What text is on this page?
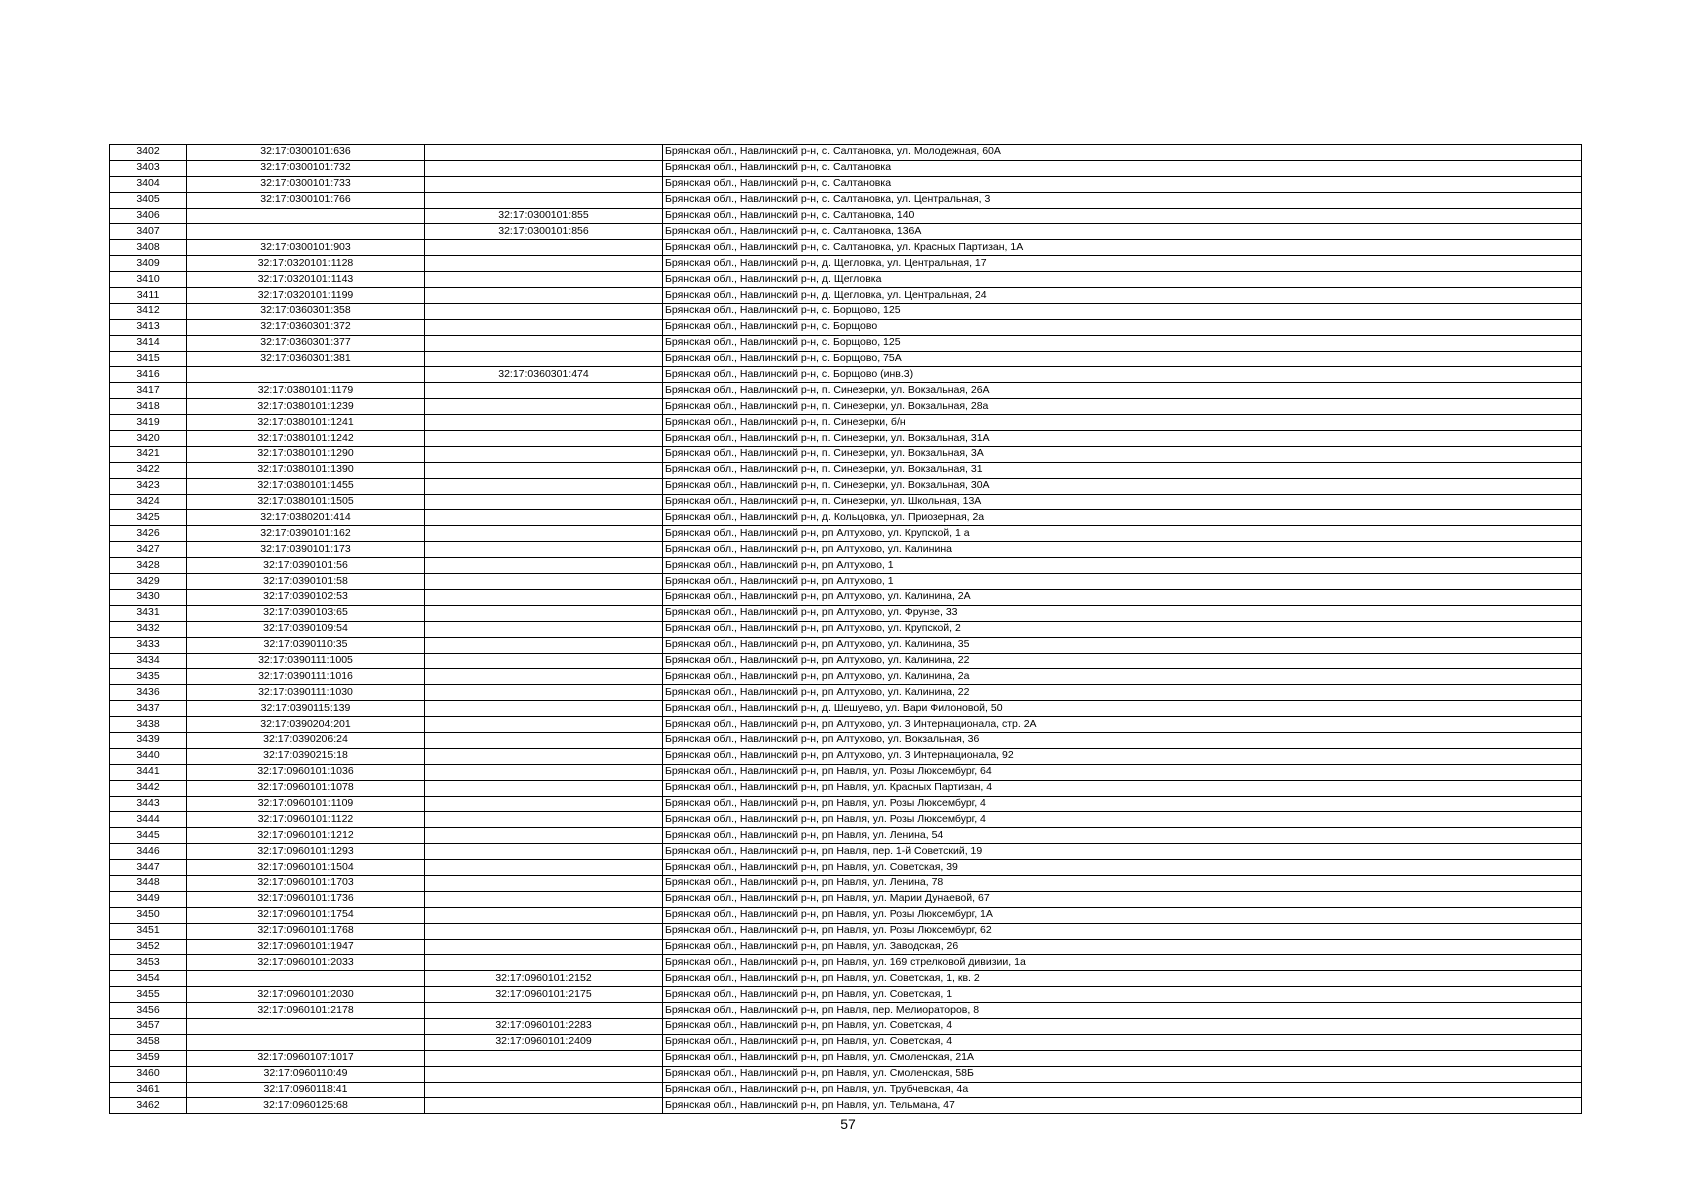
3402	32:17:0300101:636		Брянская обл., Навлинский р-н, с. Салтановка, ул. Молодежная, 60А
3403	32:17:0300101:732		Брянская обл., Навлинский р-н, с. Салтановка
3404	32:17:0300101:733		Брянская обл., Навлинский р-н, с. Салтановка
3405	32:17:0300101:766		Брянская обл., Навлинский р-н, с. Салтановка, ул. Центральная, 3
3406		32:17:0300101:855	Брянская обл., Навлинский р-н, с. Салтановка, 140
3407		32:17:0300101:856	Брянская обл., Навлинский р-н, с. Салтановка, 136А
3408	32:17:0300101:903		Брянская обл., Навлинский р-н, с. Салтановка, ул. Красных Партизан, 1А
3409	32:17:0320101:1128		Брянская обл., Навлинский р-н, д. Щегловка, ул. Центральная, 17
3410	32:17:0320101:1143		Брянская обл., Навлинский р-н, д. Щегловка
3411	32:17:0320101:1199		Брянская обл., Навлинский р-н, д. Щегловка, ул. Центральная, 24
3412	32:17:0360301:358		Брянская обл., Навлинский р-н, с. Борщово, 125
3413	32:17:0360301:372		Брянская обл., Навлинский р-н, с. Борщово
3414	32:17:0360301:377		Брянская обл., Навлинский р-н, с. Борщово, 125
3415	32:17:0360301:381		Брянская обл., Навлинский р-н, с. Борщово, 75А
3416		32:17:0360301:474	Брянская обл., Навлинский р-н, с. Борщово (инв.3)
3417	32:17:0380101:1179		Брянская обл., Навлинский р-н, п. Синезерки, ул. Вокзальная, 26А
3418	32:17:0380101:1239		Брянская обл., Навлинский р-н, п. Синезерки, ул. Вокзальная, 28а
3419	32:17:0380101:1241		Брянская обл., Навлинский р-н, п. Синезерки, б/н
3420	32:17:0380101:1242		Брянская обл., Навлинский р-н, п. Синезерки, ул. Вокзальная, 31А
3421	32:17:0380101:1290		Брянская обл., Навлинский р-н, п. Синезерки, ул. Вокзальная, 3А
3422	32:17:0380101:1390		Брянская обл., Навлинский р-н, п. Синезерки, ул. Вокзальная, 31
3423	32:17:0380101:1455		Брянская обл., Навлинский р-н, п. Синезерки, ул. Вокзальная, 30А
3424	32:17:0380101:1505		Брянская обл., Навлинский р-н, п. Синезерки, ул. Школьная, 13А
3425	32:17:0380201:414		Брянская обл., Навлинский р-н, д. Кольцовка, ул. Приозерная, 2а
3426	32:17:0390101:162		Брянская обл., Навлинский р-н, рп Алтухово, ул. Крупской, 1 а
3427	32:17:0390101:173		Брянская обл., Навлинский р-н, рп Алтухово, ул. Калинина
3428	32:17:0390101:56		Брянская обл., Навлинский р-н, рп Алтухово, 1
3429	32:17:0390101:58		Брянская обл., Навлинский р-н, рп Алтухово, 1
3430	32:17:0390102:53		Брянская обл., Навлинский р-н, рп Алтухово, ул. Калинина, 2А
3431	32:17:0390103:65		Брянская обл., Навлинский р-н, рп Алтухово, ул. Фрунзе, 33
3432	32:17:0390109:54		Брянская обл., Навлинский р-н, рп Алтухово, ул. Крупской, 2
3433	32:17:0390110:35		Брянская обл., Навлинский р-н, рп Алтухово, ул. Калинина, 35
3434	32:17:0390111:1005		Брянская обл., Навлинский р-н, рп Алтухово, ул. Калинина, 22
3435	32:17:0390111:1016		Брянская обл., Навлинский р-н, рп Алтухово, ул. Калинина, 2а
3436	32:17:0390111:1030		Брянская обл., Навлинский р-н, рп Алтухово, ул. Калинина, 22
3437	32:17:0390115:139		Брянская обл., Навлинский р-н, д. Шешуево, ул. Вари Филоновой, 50
3438	32:17:0390204:201		Брянская обл., Навлинский р-н, рп Алтухово, ул. 3 Интернационала, стр. 2А
3439	32:17:0390206:24		Брянская обл., Навлинский р-н, рп Алтухово, ул. Вокзальная, 36
3440	32:17:0390215:18		Брянская обл., Навлинский р-н, рп Алтухово, ул. 3 Интернационала, 92
3441	32:17:0960101:1036		Брянская обл., Навлинский р-н, рп Навля, ул. Розы Люксембург, 64
3442	32:17:0960101:1078		Брянская обл., Навлинский р-н, рп Навля, ул. Красных Партизан, 4
3443	32:17:0960101:1109		Брянская обл., Навлинский р-н, рп Навля, ул. Розы Люксембург, 4
3444	32:17:0960101:1122		Брянская обл., Навлинский р-н, рп Навля, ул. Розы Люксембург, 4
3445	32:17:0960101:1212		Брянская обл., Навлинский р-н, рп Навля, ул. Ленина, 54
3446	32:17:0960101:1293		Брянская обл., Навлинский р-н, рп Навля, пер. 1-й Советский, 19
3447	32:17:0960101:1504		Брянская обл., Навлинский р-н, рп Навля, ул. Советская, 39
3448	32:17:0960101:1703		Брянская обл., Навлинский р-н, рп Навля, ул. Ленина, 78
3449	32:17:0960101:1736		Брянская обл., Навлинский р-н, рп Навля, ул. Марии Дунаевой, 67
3450	32:17:0960101:1754		Брянская обл., Навлинский р-н, рп Навля, ул. Розы Люксембург, 1А
3451	32:17:0960101:1768		Брянская обл., Навлинский р-н, рп Навля, ул. Розы Люксембург, 62
3452	32:17:0960101:1947		Брянская обл., Навлинский р-н, рп Навля, ул. Заводская, 26
3453	32:17:0960101:2033		Брянская обл., Навлинский р-н, рп Навля, ул. 169 стрелковой дивизии, 1а
3454		32:17:0960101:2152	Брянская обл., Навлинский р-н, рп Навля, ул. Советская, 1, кв. 2
3455	32:17:0960101:2030	32:17:0960101:2175	Брянская обл., Навлинский р-н, рп Навля, ул. Советская, 1
3456	32:17:0960101:2178		Брянская обл., Навлинский р-н, рп Навля, пер. Мелиораторов, 8
3457		32:17:0960101:2283	Брянская обл., Навлинский р-н, рп Навля, ул. Советская, 4
3458		32:17:0960101:2409	Брянская обл., Навлинский р-н, рп Навля, ул. Советская, 4
3459	32:17:0960107:1017		Брянская обл., Навлинский р-н, рп Навля, ул. Смоленская, 21А
3460	32:17:0960110:49		Брянская обл., Навлинский р-н, рп Навля, ул. Смоленская, 58Б
3461	32:17:0960118:41		Брянская обл., Навлинский р-н, рп Навля, ул. Трубчевская, 4а
3462	32:17:0960125:68		Брянская обл., Навлинский р-н, рп Навля, ул. Тельмана, 47
57
